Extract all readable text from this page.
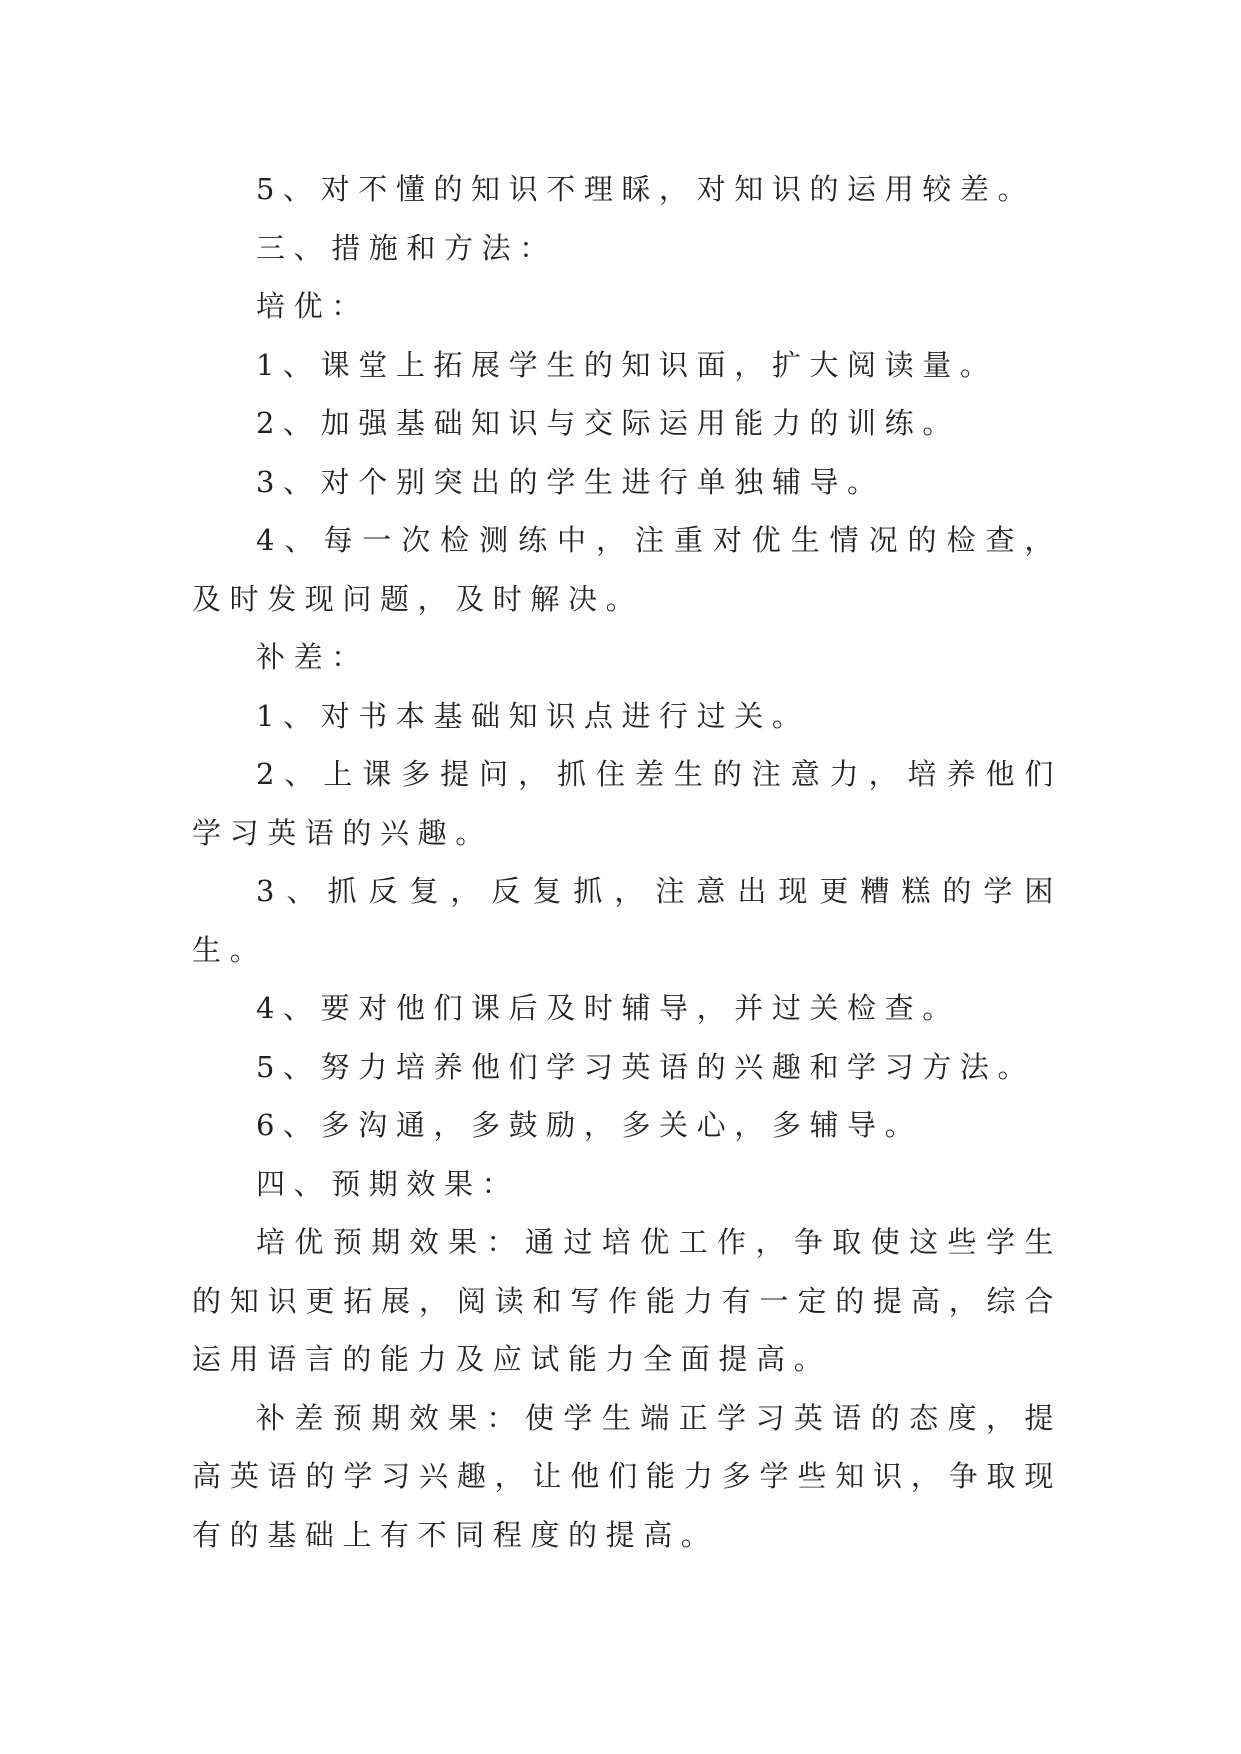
5、对不懂的知识不理睬，对知识的运用较差。

三、措施和方法：

培优：

1、课堂上拓展学生的知识面，扩大阅读量。

2、加强基础知识与交际运用能力的训练。

3、对个别突出的学生进行单独辅导。

4、每一次检测练中，注重对优生情况的检查，及时发现问题，及时解决。

补差：

1、对书本基础知识点进行过关。

2、上课多提问，抓住差生的注意力，培养他们学习英语的兴趣。

3、抓反复，反复抓，注意出现更糟糕的学困生。

4、要对他们课后及时辅导，并过关检查。

5、努力培养他们学习英语的兴趣和学习方法。

6、多沟通，多鼓励，多关心，多辅导。

四、预期效果：

培优预期效果：通过培优工作，争取使这些学生的知识更拓展，阅读和写作能力有一定的提高，综合运用语言的能力及应试能力全面提高。

补差预期效果：使学生端正学习英语的态度，提高英语的学习兴趣，让他们能力多学些知识，争取现有的基础上有不同程度的提高。
